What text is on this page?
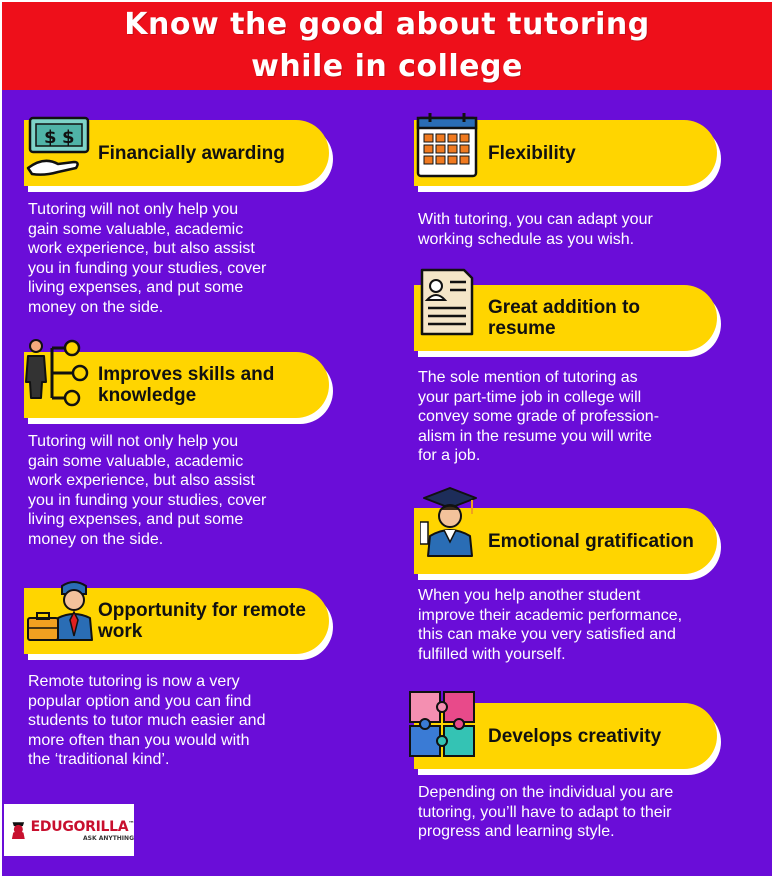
Know the good about tutoring
while in college
Financially awarding
$ $
Tutoring will not only help you
gain some valuable, academic
work experience, but also assist
you in funding your studies, cover
living expenses, and put some
money on the side.
Improves skills and
knowledge
Tutoring will not only help you
gain some valuable, academic
work experience, but also assist
you in funding your studies, cover
living expenses, and put some
money on the side.
Opportunity for remote
work
Remote tutoring is now a very
popular option and you can find
students to tutor much easier and
more often than you would with
the ‘traditional kind’.
Flexibility
With tutoring, you can adapt your
working schedule as you wish.
Great addition to
resume
The sole mention of tutoring as
your part-time job in college will
convey some grade of profession-
alism in the resume you will write
for a job.
Emotional gratification
When you help another student
improve their academic performance,
this can make you very satisfied and
fulfilled with yourself.
Develops creativity
Depending on the individual you are
tutoring, you’ll have to adapt to their
progress and learning style.
EDUGORILLA™
ASK ANYTHING
